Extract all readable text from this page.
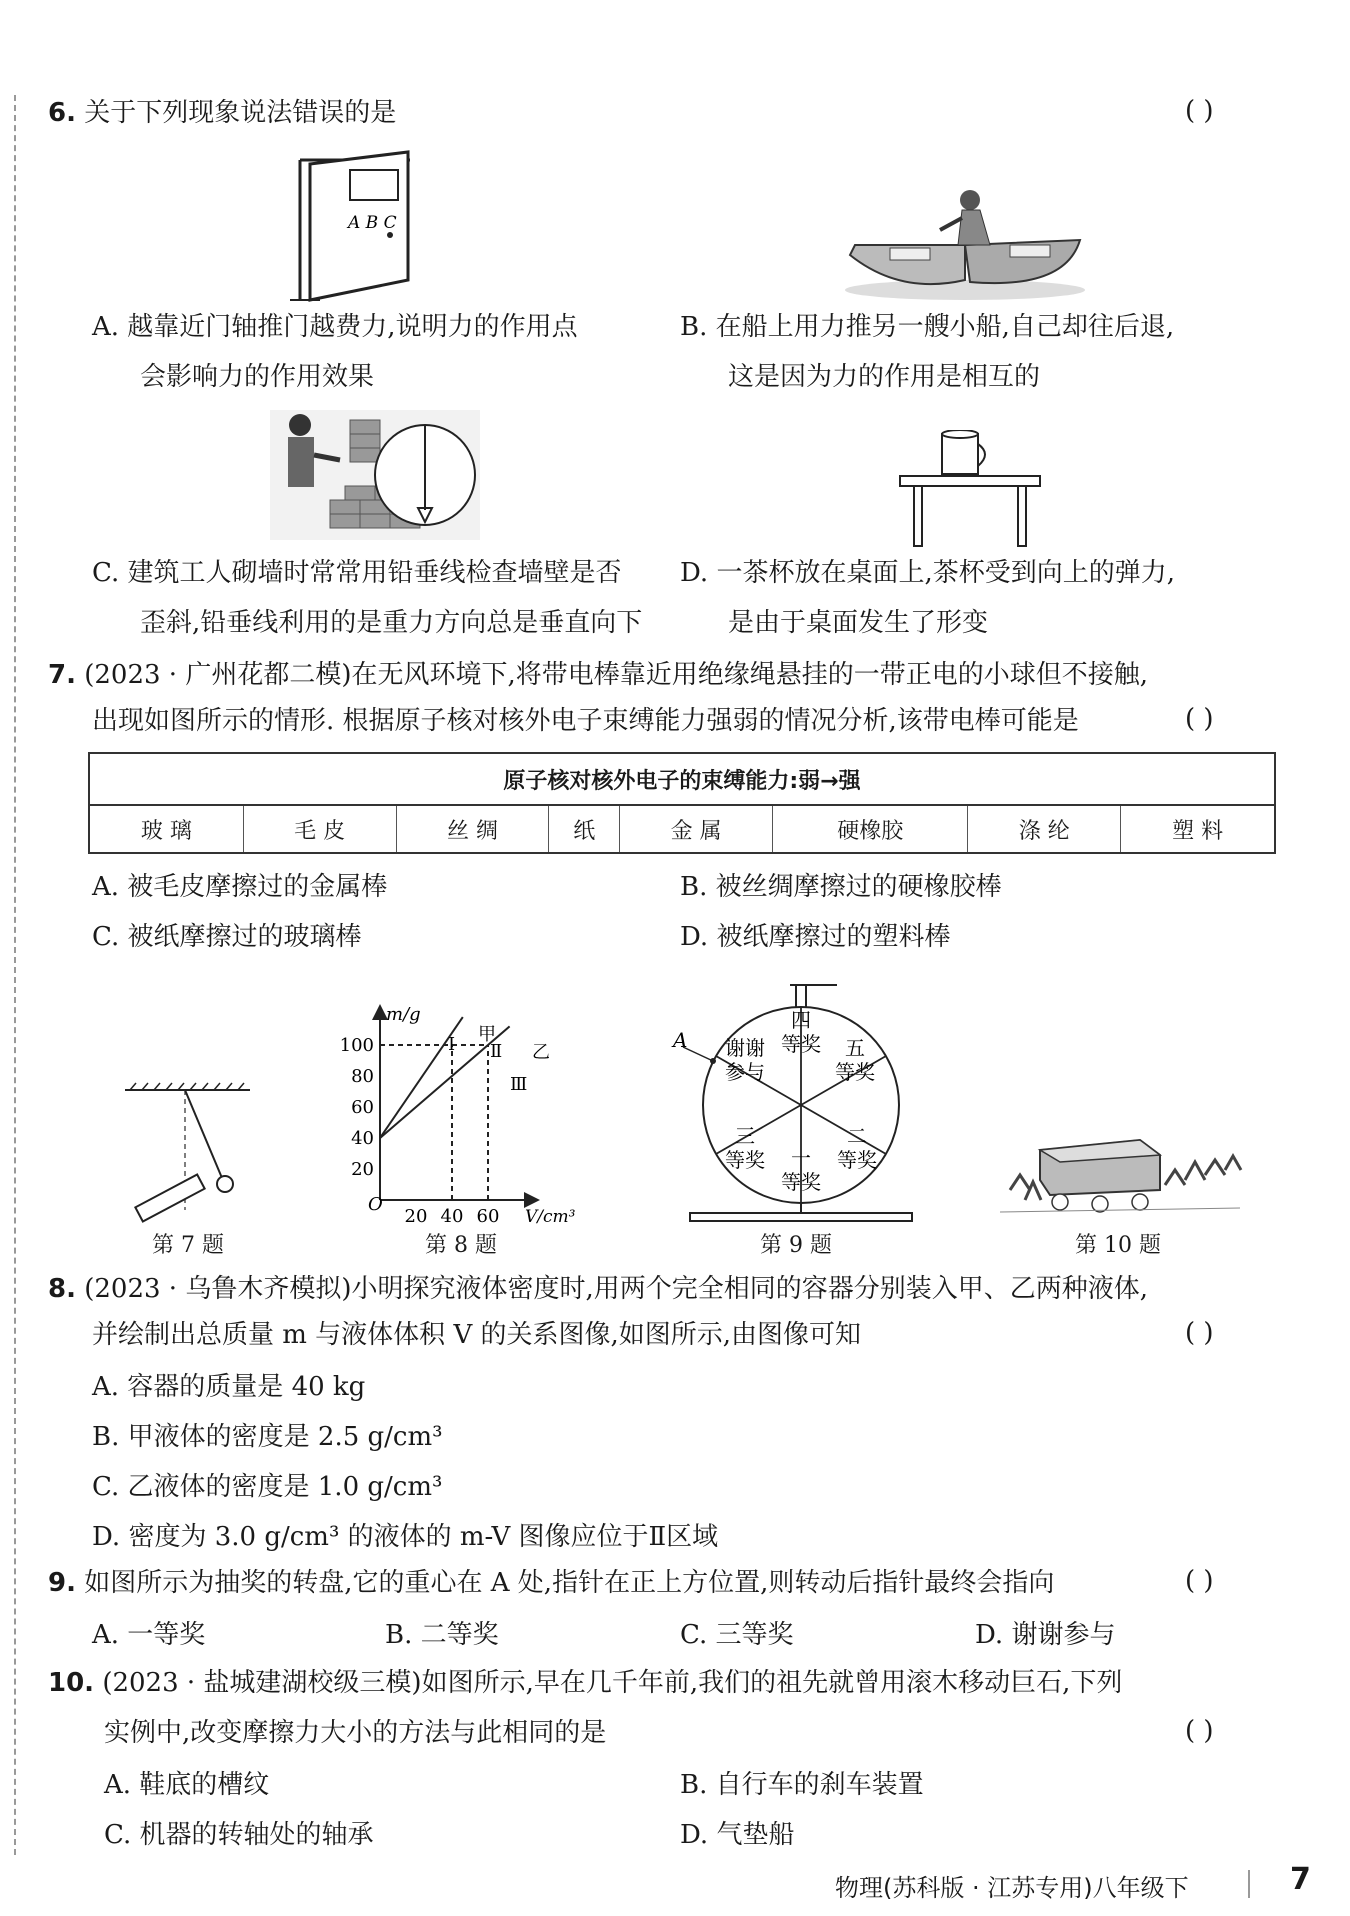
6. 关于下列现象说法错误的是	( )
A B C
A. 越靠近门轴推门越费力,说明力的作用点
会影响力的作用效果
B. 在船上用力推另一艘小船,自己却往后退,
这是因为力的作用是相互的
C. 建筑工人砌墙时常常用铅垂线检查墙壁是否
歪斜,铅垂线利用的是重力方向总是垂直向下
D. 一茶杯放在桌面上,茶杯受到向上的弹力,
是由于桌面发生了形变
7. (2023 · 广州花都二模)在无风环境下,将带电棒靠近用绝缘绳悬挂的一带正电的小球但不接触,
出现如图所示的情形. 根据原子核对核外电子束缚能力强弱的情况分析,该带电棒可能是	( )
原子核对核外电子的束缚能力:弱→强
玻 璃	毛 皮	丝 绸	纸	金 属	硬橡胶	涤 纶	塑 料
A. 被毛皮摩擦过的金属棒	B. 被丝绸摩擦过的硬橡胶棒
C. 被纸摩擦过的玻璃棒	D. 被纸摩擦过的塑料棒
第 7 题
m/g
V/cm³
O
100
80
60
40
20
20 40 60
Ⅰ Ⅱ
Ⅲ
甲
乙
第 8 题
A 谢谢
参与
四
等奖 五
等奖
二
等奖
一
等奖
三
等奖
第 9 题	第 10 题
8. (2023 · 乌鲁木齐模拟)小明探究液体密度时,用两个完全相同的容器分别装入甲、乙两种液体,
并绘制出总质量 m 与液体体积 V 的关系图像,如图所示,由图像可知	( )
A. 容器的质量是 40 kg
B. 甲液体的密度是 2.5 g/cm³
C. 乙液体的密度是 1.0 g/cm³
D. 密度为 3.0 g/cm³ 的液体的 m-V 图像应位于Ⅱ区域
9. 如图所示为抽奖的转盘,它的重心在 A 处,指针在正上方位置,则转动后指针最终会指向	( )
A. 一等奖	B. 二等奖	C. 三等奖	D. 谢谢参与
10. (2023 · 盐城建湖校级三模)如图所示,早在几千年前,我们的祖先就曾用滚木移动巨石,下列
实例中,改变摩擦力大小的方法与此相同的是	( )
A. 鞋底的槽纹	B. 自行车的刹车装置
C. 机器的转轴处的轴承	D. 气垫船
物理(苏科版 · 江苏专用)八年级下	7
